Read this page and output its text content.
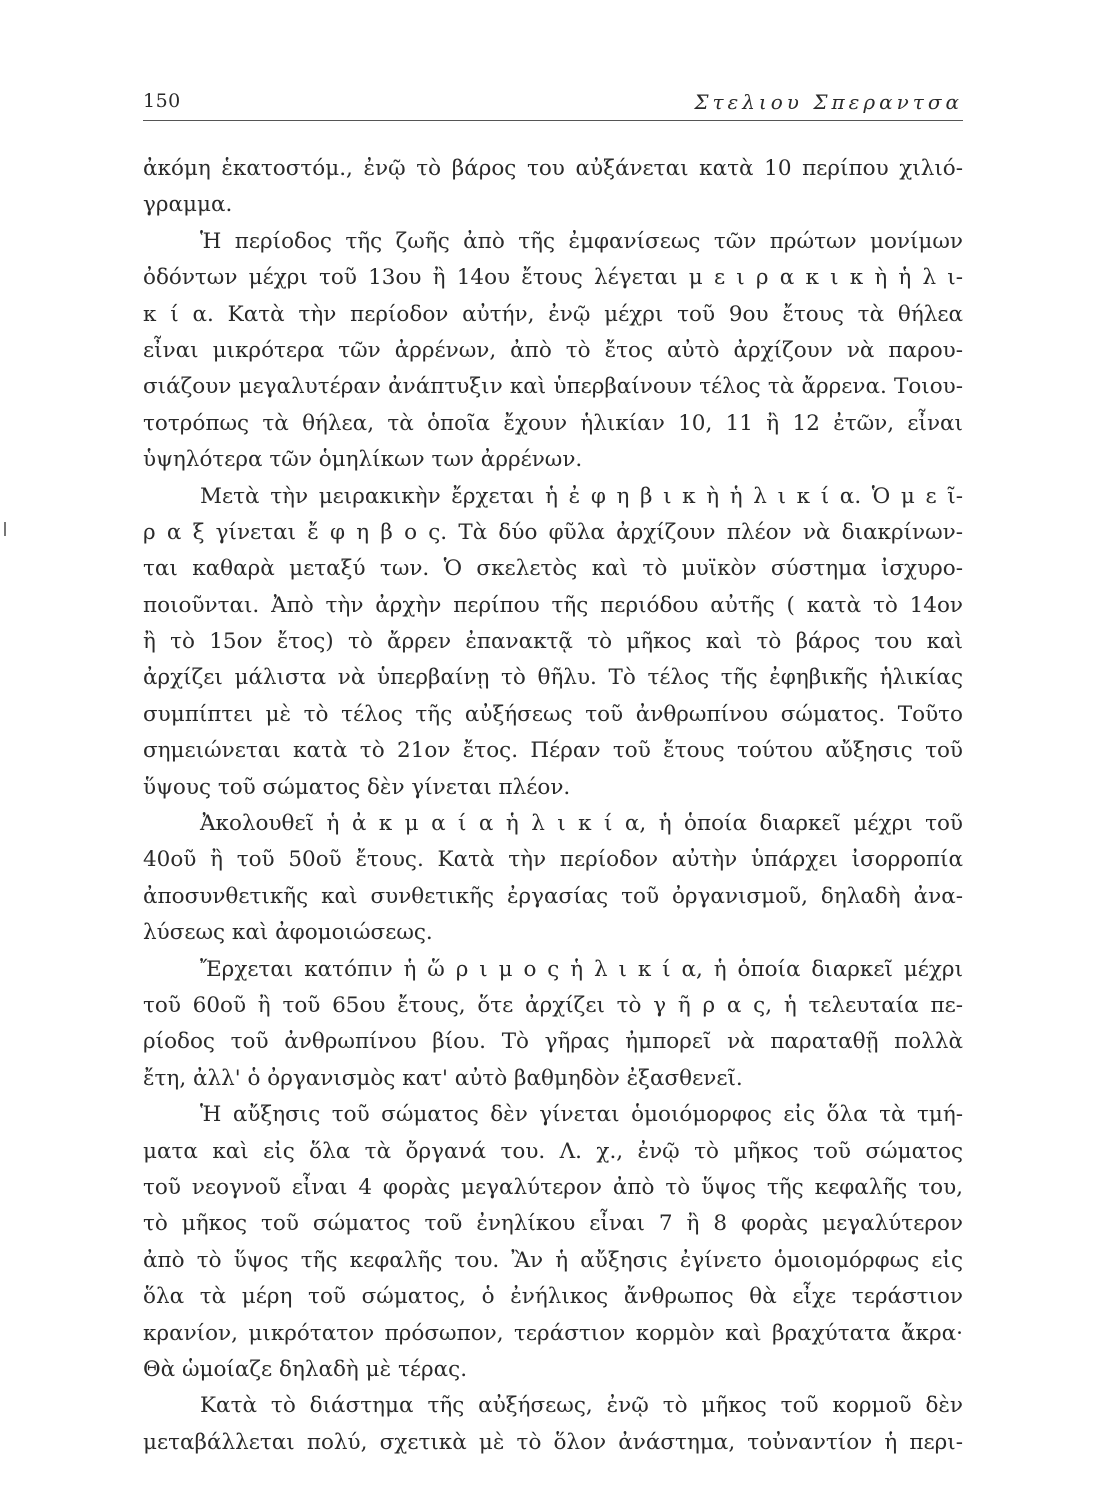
150	Στελιου Σπεραντσα
ἀκόμη ἑκατοστόμ., ἐνῷ τὸ βάρος του αὐξάνεται κατὰ 10 περίπου χιλιό-
γραμμα.
Ἡ περίοδος τῆς ζωῆς ἀπὸ τῆς ἐμφανίσεως τῶν πρώτων μονίμων
ὀδόντων μέχρι τοῦ 13ου ἢ 14ου ἔτους λέγεται μ ε ι ρ α κ ι κ ὴ ἡ λ ι-
κ ί α. Κατὰ τὴν περίοδον αὐτήν, ἐνῷ μέχρι τοῦ 9ου ἔτους τὰ θήλεα
εἶναι μικρότερα τῶν ἀρρένων, ἀπὸ τὸ ἔτος αὐτὸ ἀρχίζουν νὰ παρου-
σιάζουν μεγαλυτέραν ἀνάπτυξιν καὶ ὑπερβαίνουν τέλος τὰ ἄρρενα. Τοιου-
τοτρόπως τὰ θήλεα, τὰ ὁποῖα ἔχουν ἡλικίαν 10, 11 ἢ 12 ἐτῶν, εἶναι
ὑψηλότερα τῶν ὁμηλίκων των ἀρρένων.
Μετὰ τὴν μειρακικὴν ἔρχεται ἡ ἐ φ η β ι κ ὴ ἡ λ ι κ ί α. Ὁ μ ε ῖ-
ρ α ξ γίνεται ἔ φ η β ο ς. Τὰ δύο φῦλα ἀρχίζουν πλέον νὰ διακρίνων-
ται καθαρὰ μεταξύ των. Ὁ σκελετὸς καὶ τὸ μυϊκὸν σύστημα ἰσχυρο-
ποιοῦνται. Ἀπὸ τὴν ἀρχὴν περίπου τῆς περιόδου αὐτῆς ( κατὰ τὸ 14ον
ἢ τὸ 15ον ἔτος) τὸ ἄρρεν ἐπανακτᾷ τὸ μῆκος καὶ τὸ βάρος του καὶ
ἀρχίζει μάλιστα νὰ ὑπερβαίνῃ τὸ θῆλυ. Τὸ τέλος τῆς ἐφηβικῆς ἡλικίας
συμπίπτει μὲ τὸ τέλος τῆς αὐξήσεως τοῦ ἀνθρωπίνου σώματος. Τοῦτο
σημειώνεται κατὰ τὸ 21ον ἔτος. Πέραν τοῦ ἔτους τούτου αὔξησις τοῦ
ὕψους τοῦ σώματος δὲν γίνεται πλέον.
Ἀκολουθεῖ ἡ ἀ κ μ α ί α ἡ λ ι κ ί α, ἡ ὁποία διαρκεῖ μέχρι τοῦ
40οῦ ἢ τοῦ 50οῦ ἔτους. Κατὰ τὴν περίοδον αὐτὴν ὑπάρχει ἰσορροπία
ἀποσυνθετικῆς καὶ συνθετικῆς ἐργασίας τοῦ ὀργανισμοῦ, δηλαδὴ ἀνα-
λύσεως καὶ ἀφομοιώσεως.
Ἔρχεται κατόπιν ἡ ὥ ρ ι μ ο ς ἡ λ ι κ ί α, ἡ ὁποία διαρκεῖ μέχρι
τοῦ 60οῦ ἢ τοῦ 65ου ἔτους, ὅτε ἀρχίζει τὸ γ ῆ ρ α ς, ἡ τελευταία πε-
ρίοδος τοῦ ἀνθρωπίνου βίου. Τὸ γῆρας ἠμπορεῖ νὰ παραταθῇ πολλὰ
ἔτη, ἀλλ' ὁ ὀργανισμὸς κατ' αὐτὸ βαθμηδὸν ἐξασθενεῖ.
Ἡ αὔξησις τοῦ σώματος δὲν γίνεται ὁμοιόμορφος εἰς ὅλα τὰ τμή-
ματα καὶ εἰς ὅλα τὰ ὄργανά του. Λ. χ., ἐνῷ τὸ μῆκος τοῦ σώματος
τοῦ νεογνοῦ εἶναι 4 φορὰς μεγαλύτερον ἀπὸ τὸ ὕψος τῆς κεφαλῆς του,
τὸ μῆκος τοῦ σώματος τοῦ ἐνηλίκου εἶναι 7 ἢ 8 φορὰς μεγαλύτερον
ἀπὸ τὸ ὕψος τῆς κεφαλῆς του. Ἂν ἡ αὔξησις ἐγίνετο ὁμοιομόρφως εἰς
ὅλα τὰ μέρη τοῦ σώματος, ὁ ἐνήλικος ἄνθρωπος θὰ εἶχε τεράστιον
κρανίον, μικρότατον πρόσωπον, τεράστιον κορμὸν καὶ βραχύτατα ἄκρα·
Θὰ ὡμοίαζε δηλαδὴ μὲ τέρας.
Κατὰ τὸ διάστημα τῆς αὐξήσεως, ἐνῷ τὸ μῆκος τοῦ κορμοῦ δὲν
μεταβάλλεται πολύ, σχετικὰ μὲ τὸ ὅλον ἀνάστημα, τοὐναντίον ἡ περι-
